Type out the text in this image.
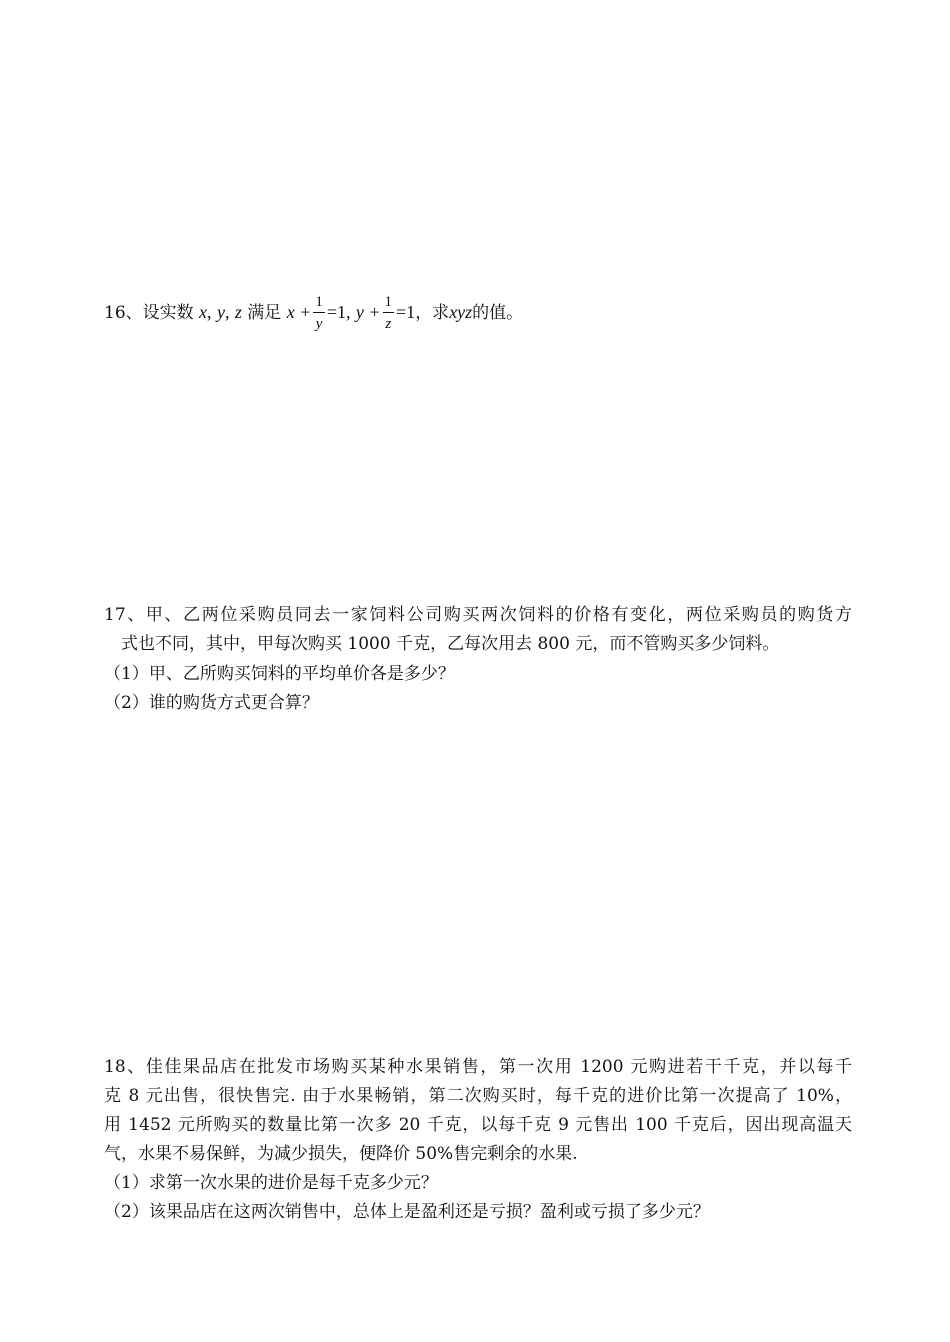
16、设实数 x, y, z 满足 $x + \frac{1}{y} =1$, $y + \frac{1}{z} =1$，求xyz的值。
17、甲、乙两位采购员同去一家饲料公司购买两次饲料的价格有变化，两位采购员的购货方
式也不同，其中，甲每次购买 1000 千克，乙每次用去 800 元，而不管购买多少饲料。
（1）甲、乙所购买饲料的平均单价各是多少？
（2）谁的购货方式更合算？
18、佳佳果品店在批发市场购买某种水果销售，第一次用 1200 元购进若干千克，并以每千
克 8 元出售，很快售完. 由于水果畅销，第二次购买时，每千克的进价比第一次提高了 10%，
用 1452 元所购买的数量比第一次多 20 千克，以每千克 9 元售出 100 千克后，因出现高温天
气，水果不易保鲜，为减少损失，便降价 50%售完剩余的水果.
（1）求第一次水果的进价是每千克多少元？
（2）该果品店在这两次销售中，总体上是盈利还是亏损？盈利或亏损了多少元？
